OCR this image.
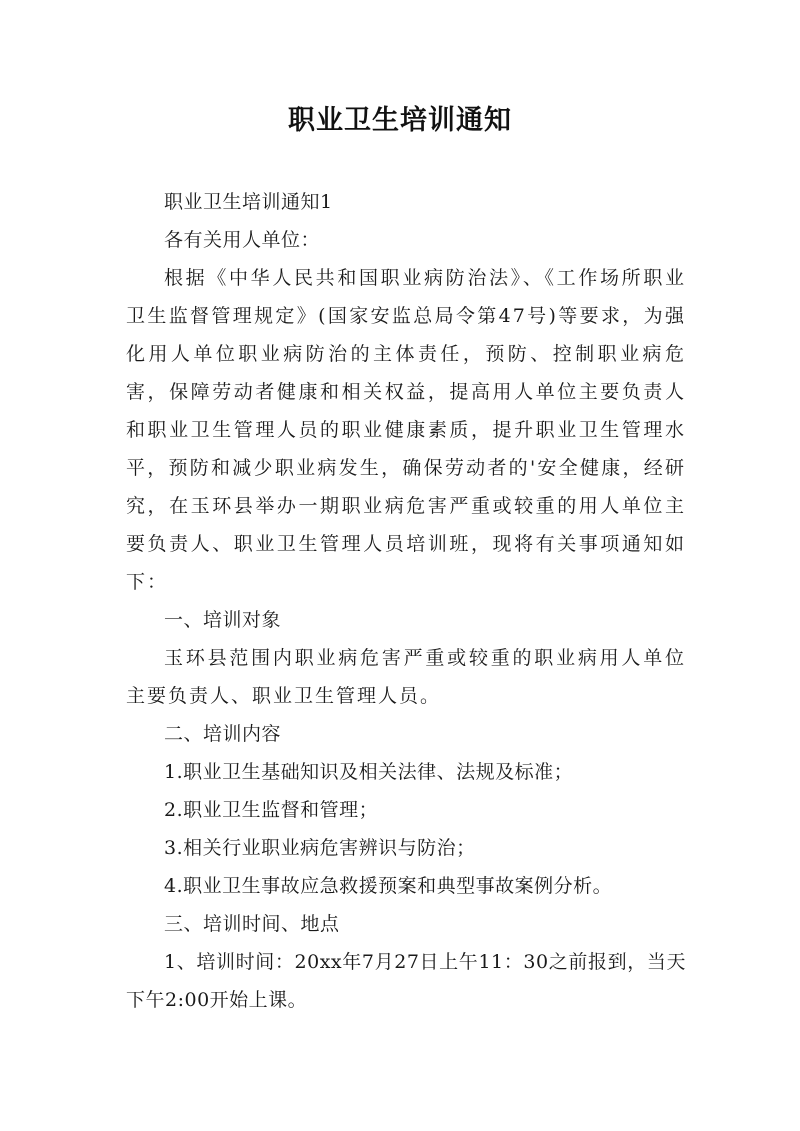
职业卫生培训通知

职业卫生培训通知1

各有关用人单位：

根据《中华人民共和国职业病防治法》、《工作场所职业卫生监督管理规定》(国家安监总局令第47号)等要求，为强化用人单位职业病防治的主体责任，预防、控制职业病危害，保障劳动者健康和相关权益，提高用人单位主要负责人和职业卫生管理人员的职业健康素质，提升职业卫生管理水平，预防和减少职业病发生，确保劳动者的'安全健康，经研究，在玉环县举办一期职业病危害严重或较重的用人单位主要负责人、职业卫生管理人员培训班，现将有关事项通知如下：

一、培训对象

玉环县范围内职业病危害严重或较重的职业病用人单位主要负责人、职业卫生管理人员。

二、培训内容

1.职业卫生基础知识及相关法律、法规及标准；

2.职业卫生监督和管理；

3.相关行业职业病危害辨识与防治；

4.职业卫生事故应急救援预案和典型事故案例分析。

三、培训时间、地点

1、培训时间：20xx年7月27日上午11：30之前报到，当天下午2:00开始上课。
